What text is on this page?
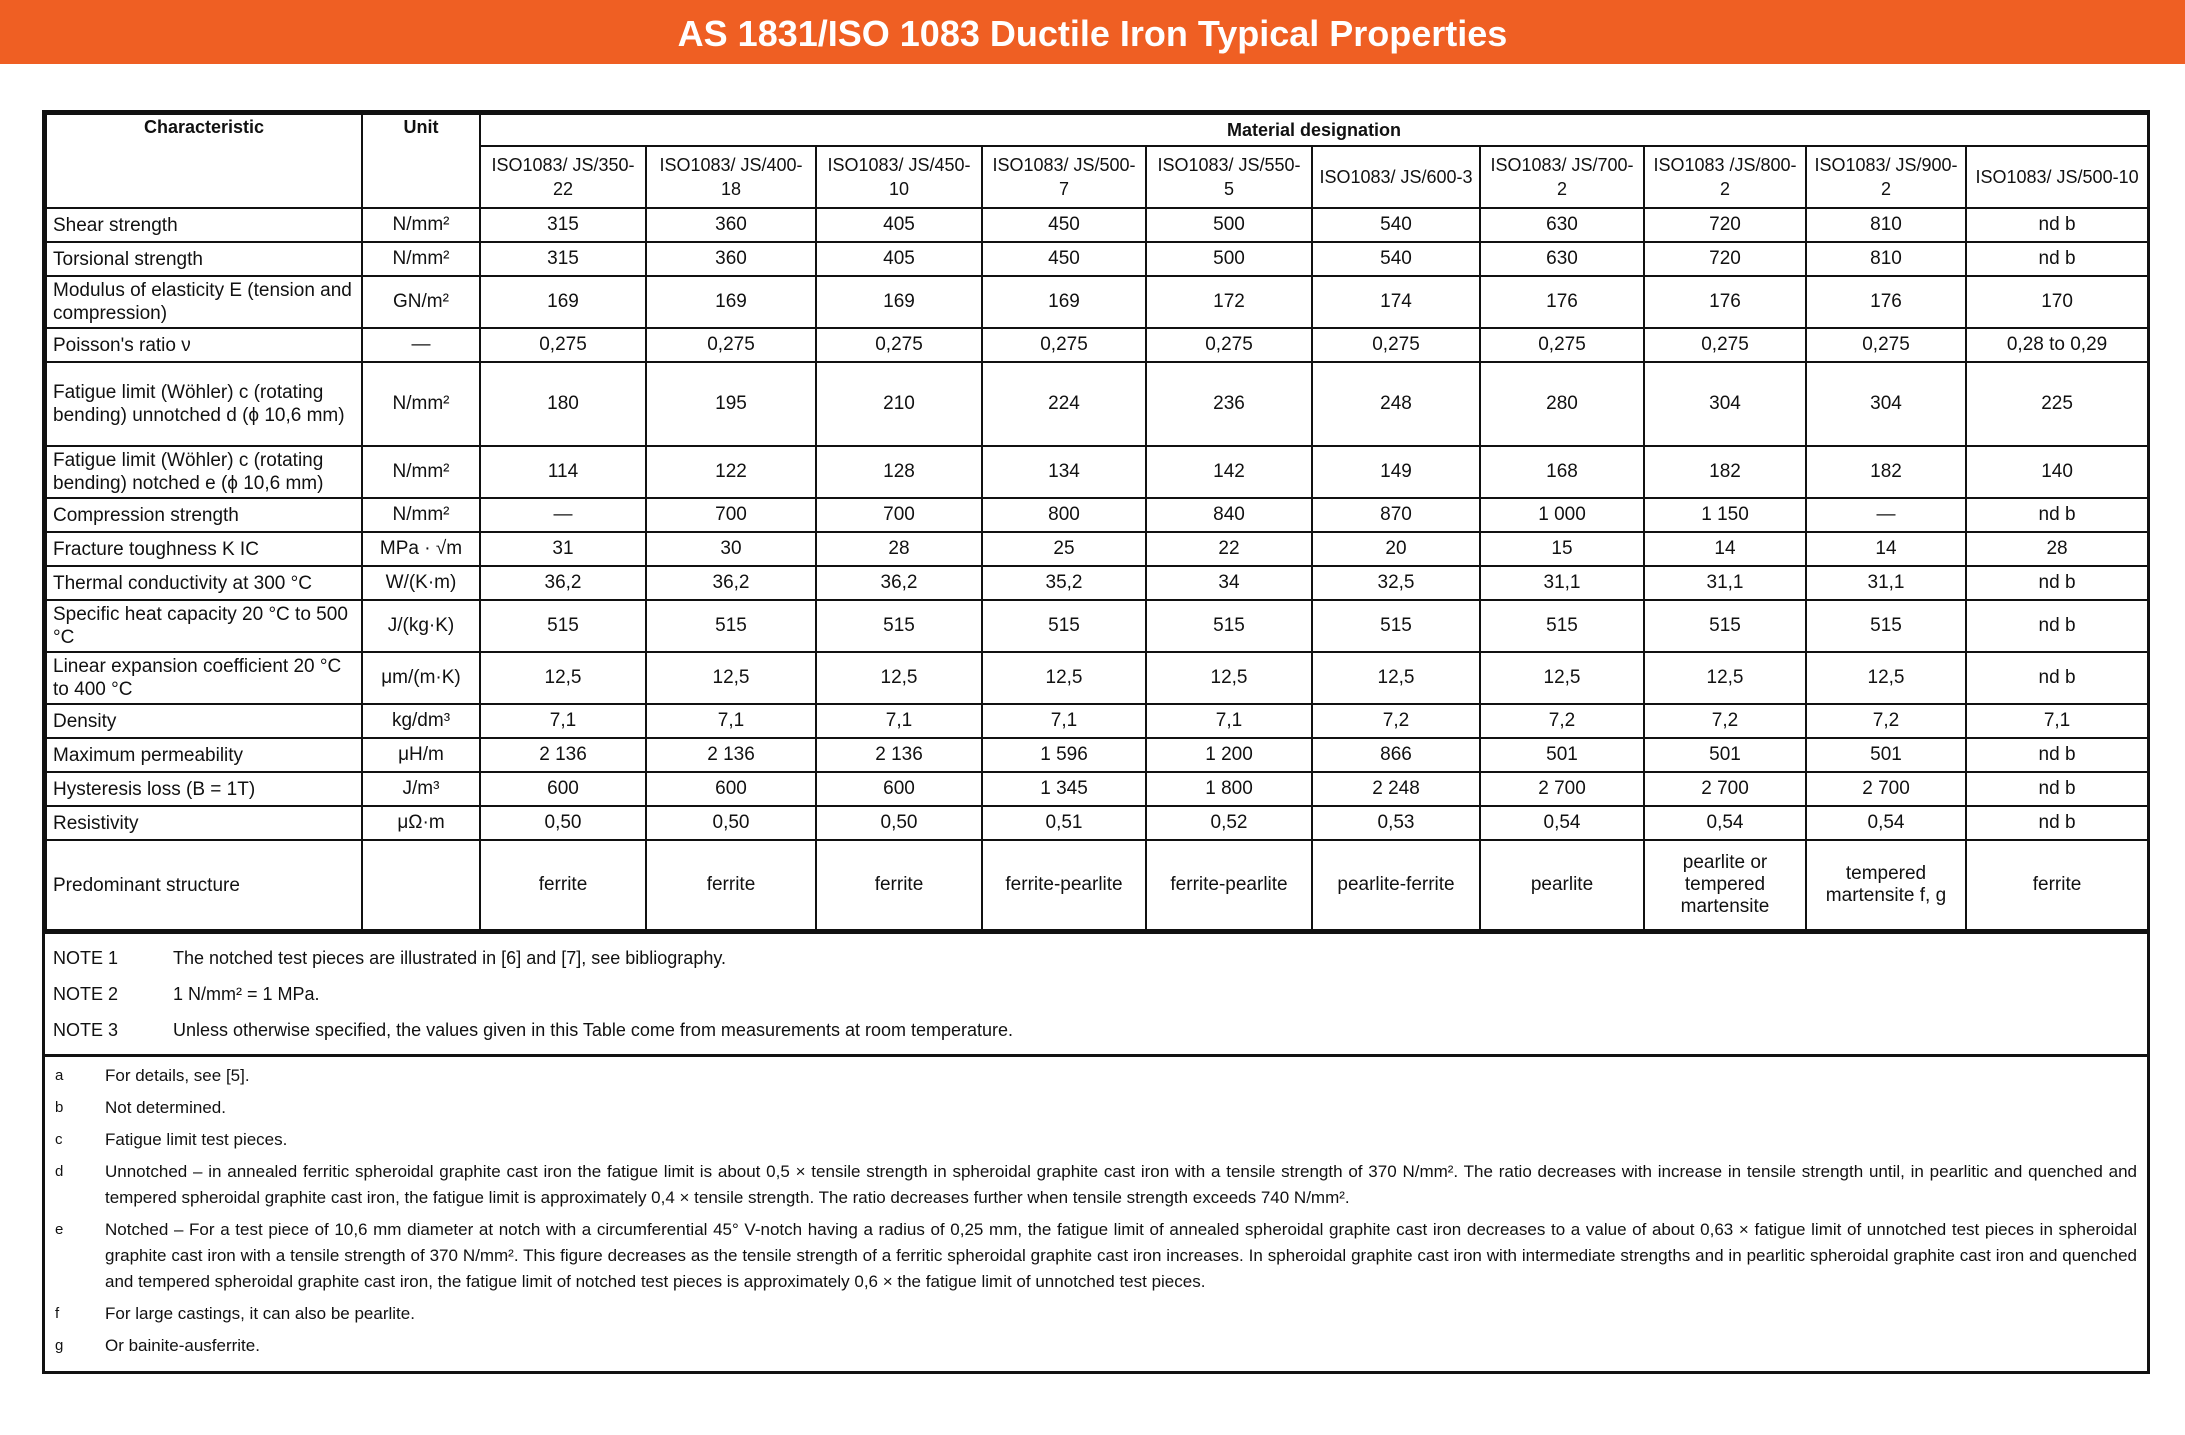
AS 1831/ISO 1083 Ductile Iron Typical Properties
Characteristic	Unit	Material designation									
		ISO1083/ JS/350-22	ISO1083/ JS/400-18	ISO1083/ JS/450-10	ISO1083/ JS/500-7	ISO1083/ JS/550-5	ISO1083/ JS/600-3	ISO1083/ JS/700-2	ISO1083 /JS/800-2	ISO1083/ JS/900-2	ISO1083/ JS/500-10
Shear strength	N/mm²	315	360	405	450	500	540	630	720	810	nd b
Torsional strength	N/mm²	315	360	405	450	500	540	630	720	810	nd b
Modulus of elasticity E (tension and compression)	GN/m²	169	169	169	169	172	174	176	176	176	170
Poisson's ratio ν	—	0,275	0,275	0,275	0,275	0,275	0,275	0,275	0,275	0,275	0,28 to 0,29
Fatigue limit (Wöhler) c (rotating bending) unnotched d (ϕ 10,6 mm)	N/mm²	180	195	210	224	236	248	280	304	304	225
Fatigue limit (Wöhler) c (rotating bending) notched e (ϕ 10,6 mm)	N/mm²	114	122	128	134	142	149	168	182	182	140
Compression strength	N/mm²	—	700	700	800	840	870	1 000	1 150	—	nd b
Fracture toughness K IC	MPa · √m	31	30	28	25	22	20	15	14	14	28
Thermal conductivity at 300 °C	W/(K·m)	36,2	36,2	36,2	35,2	34	32,5	31,1	31,1	31,1	nd b
Specific heat capacity 20 °C to 500 °C	J/(kg·K)	515	515	515	515	515	515	515	515	515	nd b
Linear expansion coefficient 20 °C to 400 °C	μm/(m·K)	12,5	12,5	12,5	12,5	12,5	12,5	12,5	12,5	12,5	nd b
Density	kg/dm³	7,1	7,1	7,1	7,1	7,1	7,2	7,2	7,2	7,2	7,1
Maximum permeability	μH/m	2 136	2 136	2 136	1 596	1 200	866	501	501	501	nd b
Hysteresis loss (B = 1T)	J/m³	600	600	600	1 345	1 800	2 248	2 700	2 700	2 700	nd b
Resistivity	μΩ·m	0,50	0,50	0,50	0,51	0,52	0,53	0,54	0,54	0,54	nd b
Predominant structure		ferrite	ferrite	ferrite	ferrite-pearlite	ferrite-pearlite	pearlite-ferrite	pearlite	pearlite or tempered martensite	tempered martensite f, g	ferrite
NOTE 1	The notched test pieces are illustrated in [6] and [7], see bibliography.
NOTE 2	1 N/mm² = 1 MPa.
NOTE 3	Unless otherwise specified, the values given in this Table come from measurements at room temperature.
a	For details, see [5].
b	Not determined.
c	Fatigue limit test pieces.
d	Unnotched – in annealed ferritic spheroidal graphite cast iron the fatigue limit is about 0,5 × tensile strength in spheroidal graphite cast iron with a tensile strength of 370 N/mm². The ratio decreases with increase in tensile strength until, in pearlitic and quenched and tempered spheroidal graphite cast iron, the fatigue limit is approximately 0,4 × tensile strength. The ratio decreases further when tensile strength exceeds 740 N/mm².
e	Notched – For a test piece of 10,6 mm diameter at notch with a circumferential 45° V-notch having a radius of 0,25 mm, the fatigue limit of annealed spheroidal graphite cast iron decreases to a value of about 0,63 × fatigue limit of unnotched test pieces in spheroidal graphite cast iron with a tensile strength of 370 N/mm². This figure decreases as the tensile strength of a ferritic spheroidal graphite cast iron increases. In spheroidal graphite cast iron with intermediate strengths and in pearlitic spheroidal graphite cast iron and quenched and tempered spheroidal graphite cast iron, the fatigue limit of notched test pieces is approximately 0,6 × the fatigue limit of unnotched test pieces.
f	For large castings, it can also be pearlite.
g	Or bainite-ausferrite.
